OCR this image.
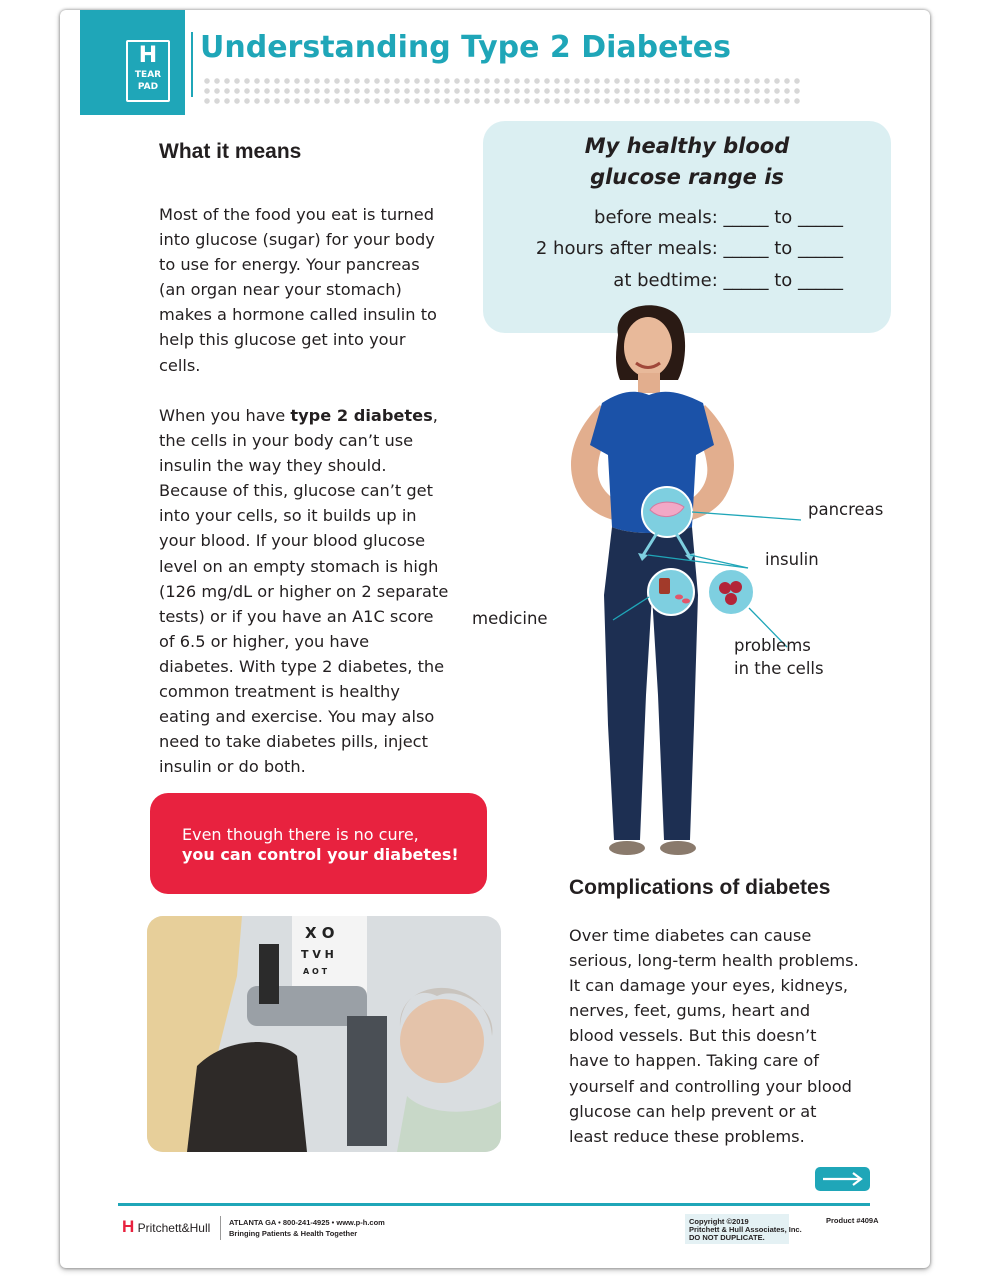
H
TEAR
PAD
Understanding Type 2 Diabetes
What it means

Most of the food you eat is turned into glucose (sugar) for your body to use for energy. Your pancreas (an organ near your stomach) makes a hormone called insulin to help this glucose get into your cells.

When you have type 2 diabetes, the cells in your body can’t use insulin the way they should. Because of this, glucose can’t get into your cells, so it builds up in your blood. If your blood glucose level on an empty stomach is high (126 mg/dL or higher on 2 separate tests) or if you have an A1C score of 6.5 or higher, you have diabetes. With type 2 diabetes, the common treatment is healthy eating and exercise. You may also need to take diabetes pills, inject insulin or do both.

My healthy blood
glucose range is
before meals: _____ to _____
2 hours after meals: _____ to _____
at bedtime: _____ to _____
pancreas
insulin
medicine
problems
in the cells
Even though there is no cure,
you can control your diabetes!
X O
T V H
A O T
Complications of diabetes

Over time diabetes can cause serious, long-term health problems. It can damage your eyes, kidneys, nerves, feet, gums, heart and blood vessels. But this doesn’t have to happen. Taking care of yourself and controlling your blood glucose can help prevent or at least reduce these problems.

H Pritchett&Hull ATLANTA GA • 800-241-4925 • www.p-h.com
Bringing Patients & Health Together
Copyright ©2019
Pritchett & Hull Associates, Inc.
DO NOT DUPLICATE.
Product #409A
